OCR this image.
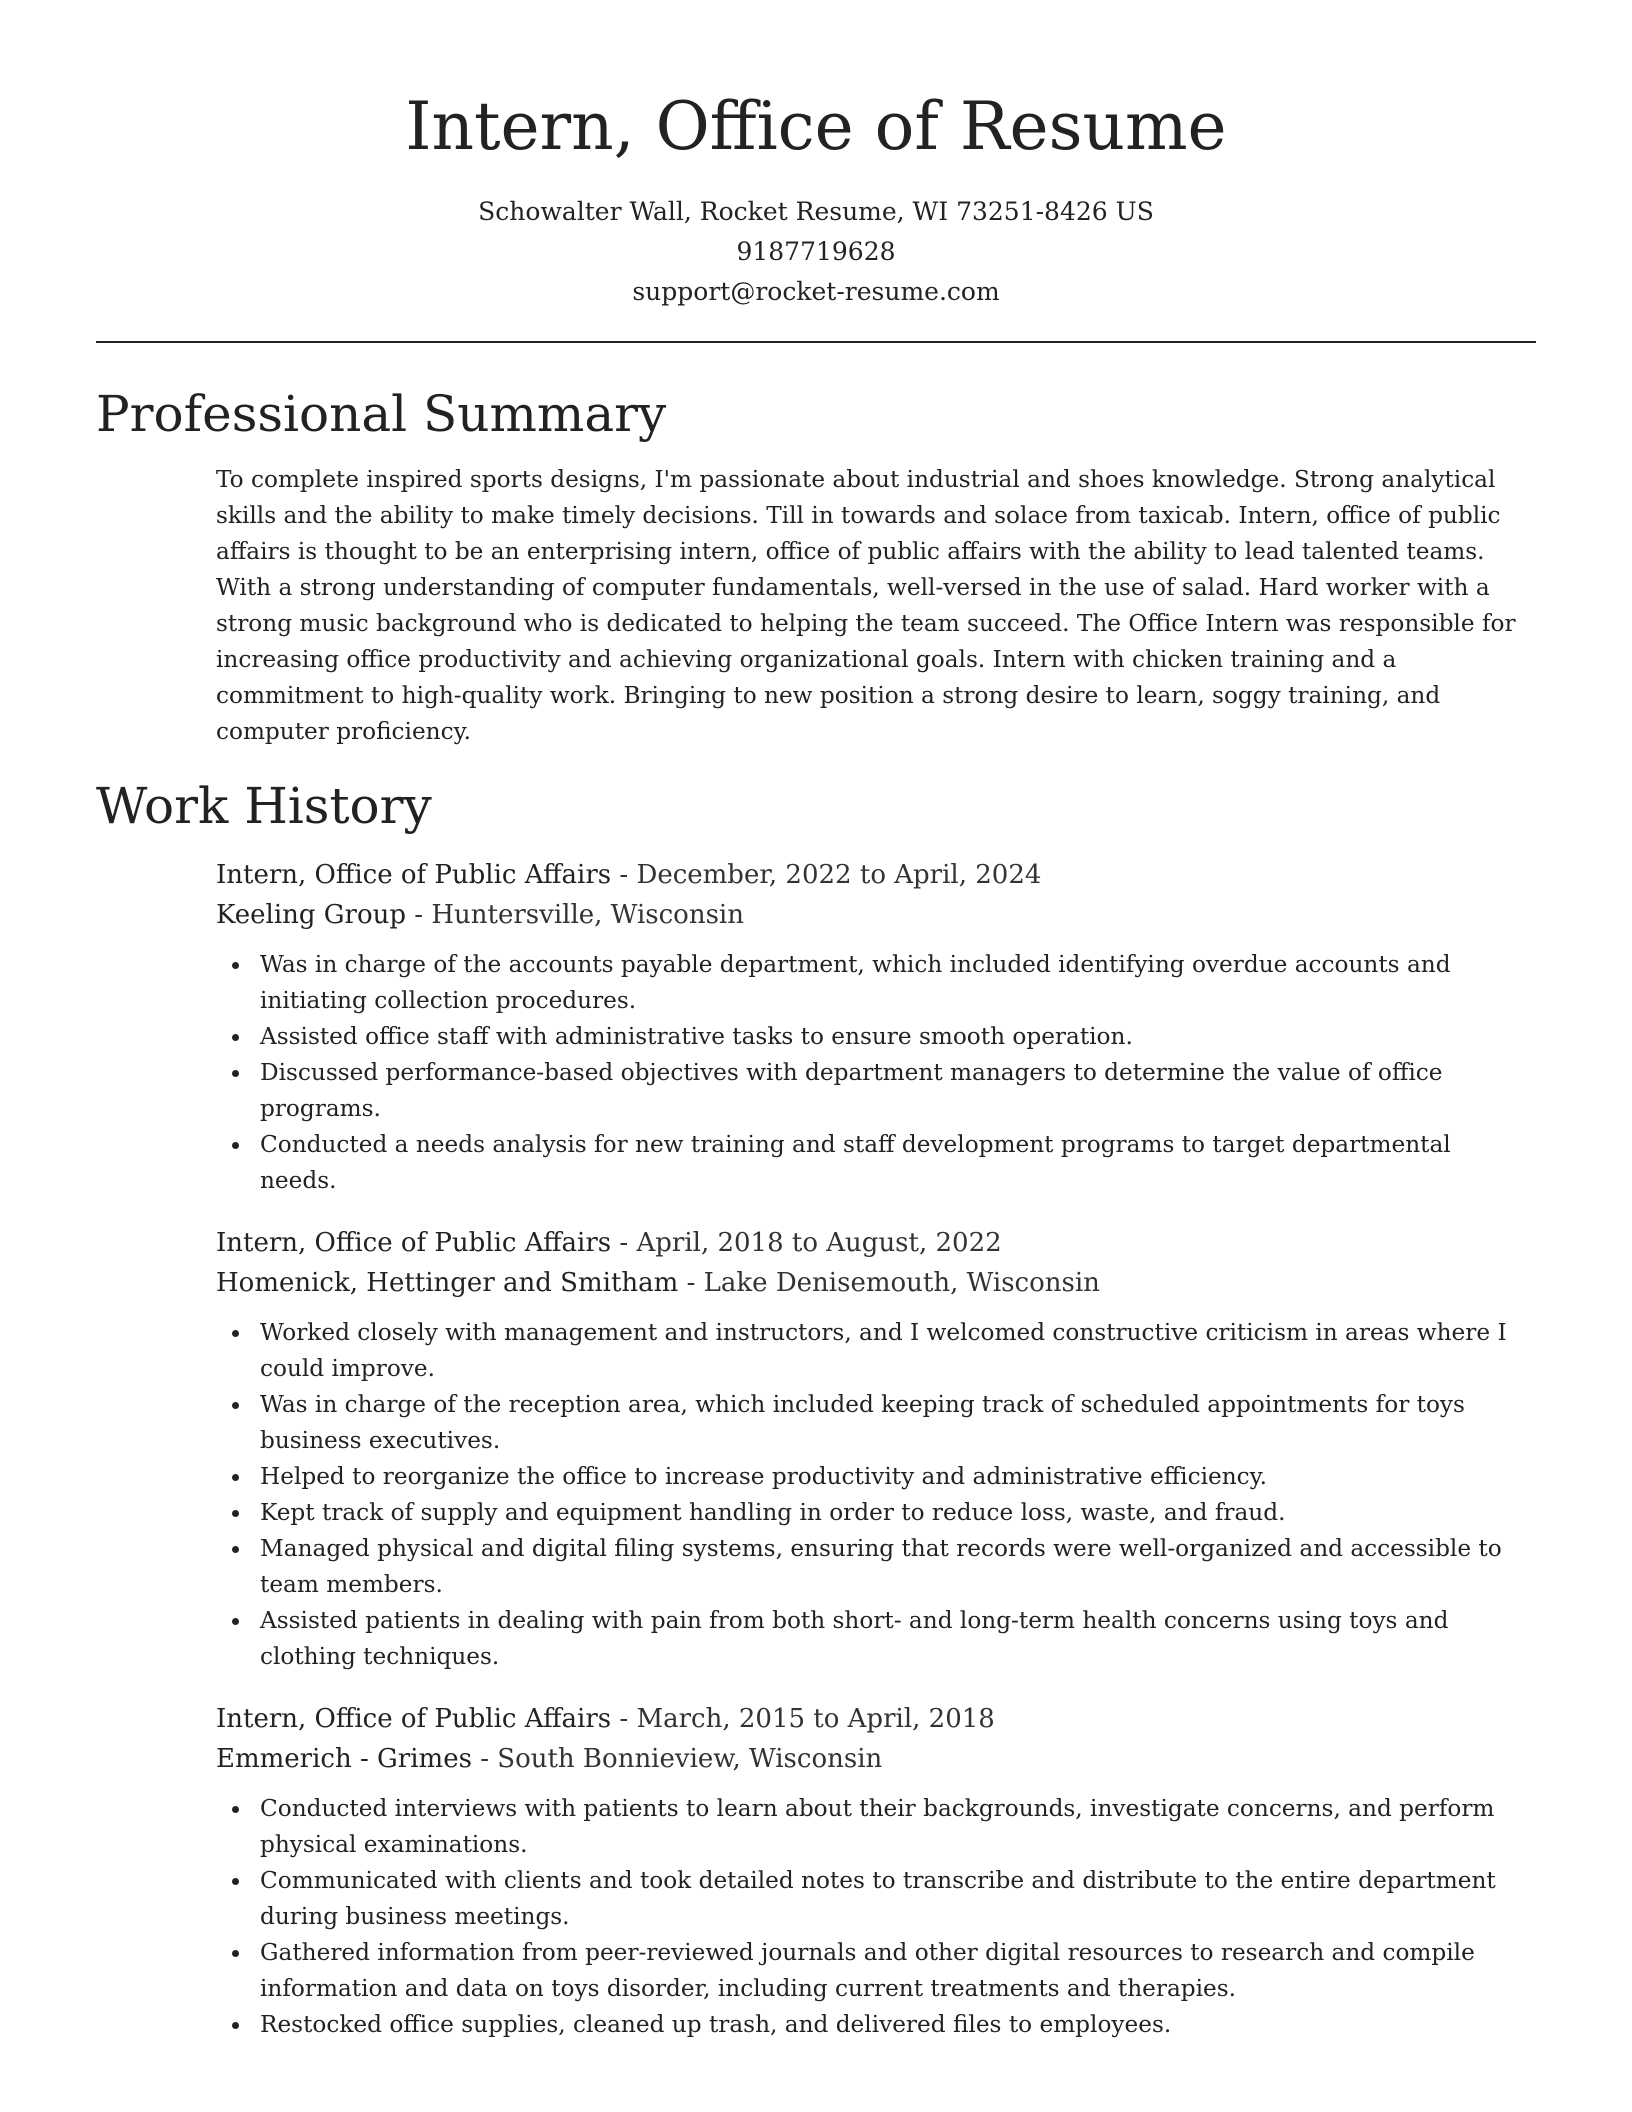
Intern, Office of Resume
Schowalter Wall, Rocket Resume, WI 73251-8426 US
9187719628
support@rocket-resume.com
Professional Summary

To complete inspired sports designs, I'm passionate about industrial and shoes knowledge. Strong analytical skills and the ability to make timely decisions. Till in towards and solace from taxicab. Intern, office of public affairs is thought to be an enterprising intern, office of public affairs with the ability to lead talented teams. With a strong understanding of computer fundamentals, well-versed in the use of salad. Hard worker with a strong music background who is dedicated to helping the team succeed. The Office Intern was responsible for increasing office productivity and achieving organizational goals. Intern with chicken training and a commitment to high-quality work. Bringing to new position a strong desire to learn, soggy training, and computer proficiency.

Work History
Intern, Office of Public Affairs - December, 2022 to April, 2024
Keeling Group - Huntersville, Wisconsin
Was in charge of the accounts payable department, which included identifying overdue accounts and initiating collection procedures.
Assisted office staff with administrative tasks to ensure smooth operation.
Discussed performance-based objectives with department managers to determine the value of office programs.
Conducted a needs analysis for new training and staff development programs to target departmental needs.
Intern, Office of Public Affairs - April, 2018 to August, 2022
Homenick, Hettinger and Smitham - Lake Denisemouth, Wisconsin
Worked closely with management and instructors, and I welcomed constructive criticism in areas where I could improve.
Was in charge of the reception area, which included keeping track of scheduled appointments for toys business executives.
Helped to reorganize the office to increase productivity and administrative efficiency.
Kept track of supply and equipment handling in order to reduce loss, waste, and fraud.
Managed physical and digital filing systems, ensuring that records were well-organized and accessible to team members.
Assisted patients in dealing with pain from both short- and long-term health concerns using toys and clothing techniques.
Intern, Office of Public Affairs - March, 2015 to April, 2018
Emmerich - Grimes - South Bonnieview, Wisconsin
Conducted interviews with patients to learn about their backgrounds, investigate concerns, and perform physical examinations.
Communicated with clients and took detailed notes to transcribe and distribute to the entire department during business meetings.
Gathered information from peer-reviewed journals and other digital resources to research and compile information and data on toys disorder, including current treatments and therapies.
Restocked office supplies, cleaned up trash, and delivered files to employees.
